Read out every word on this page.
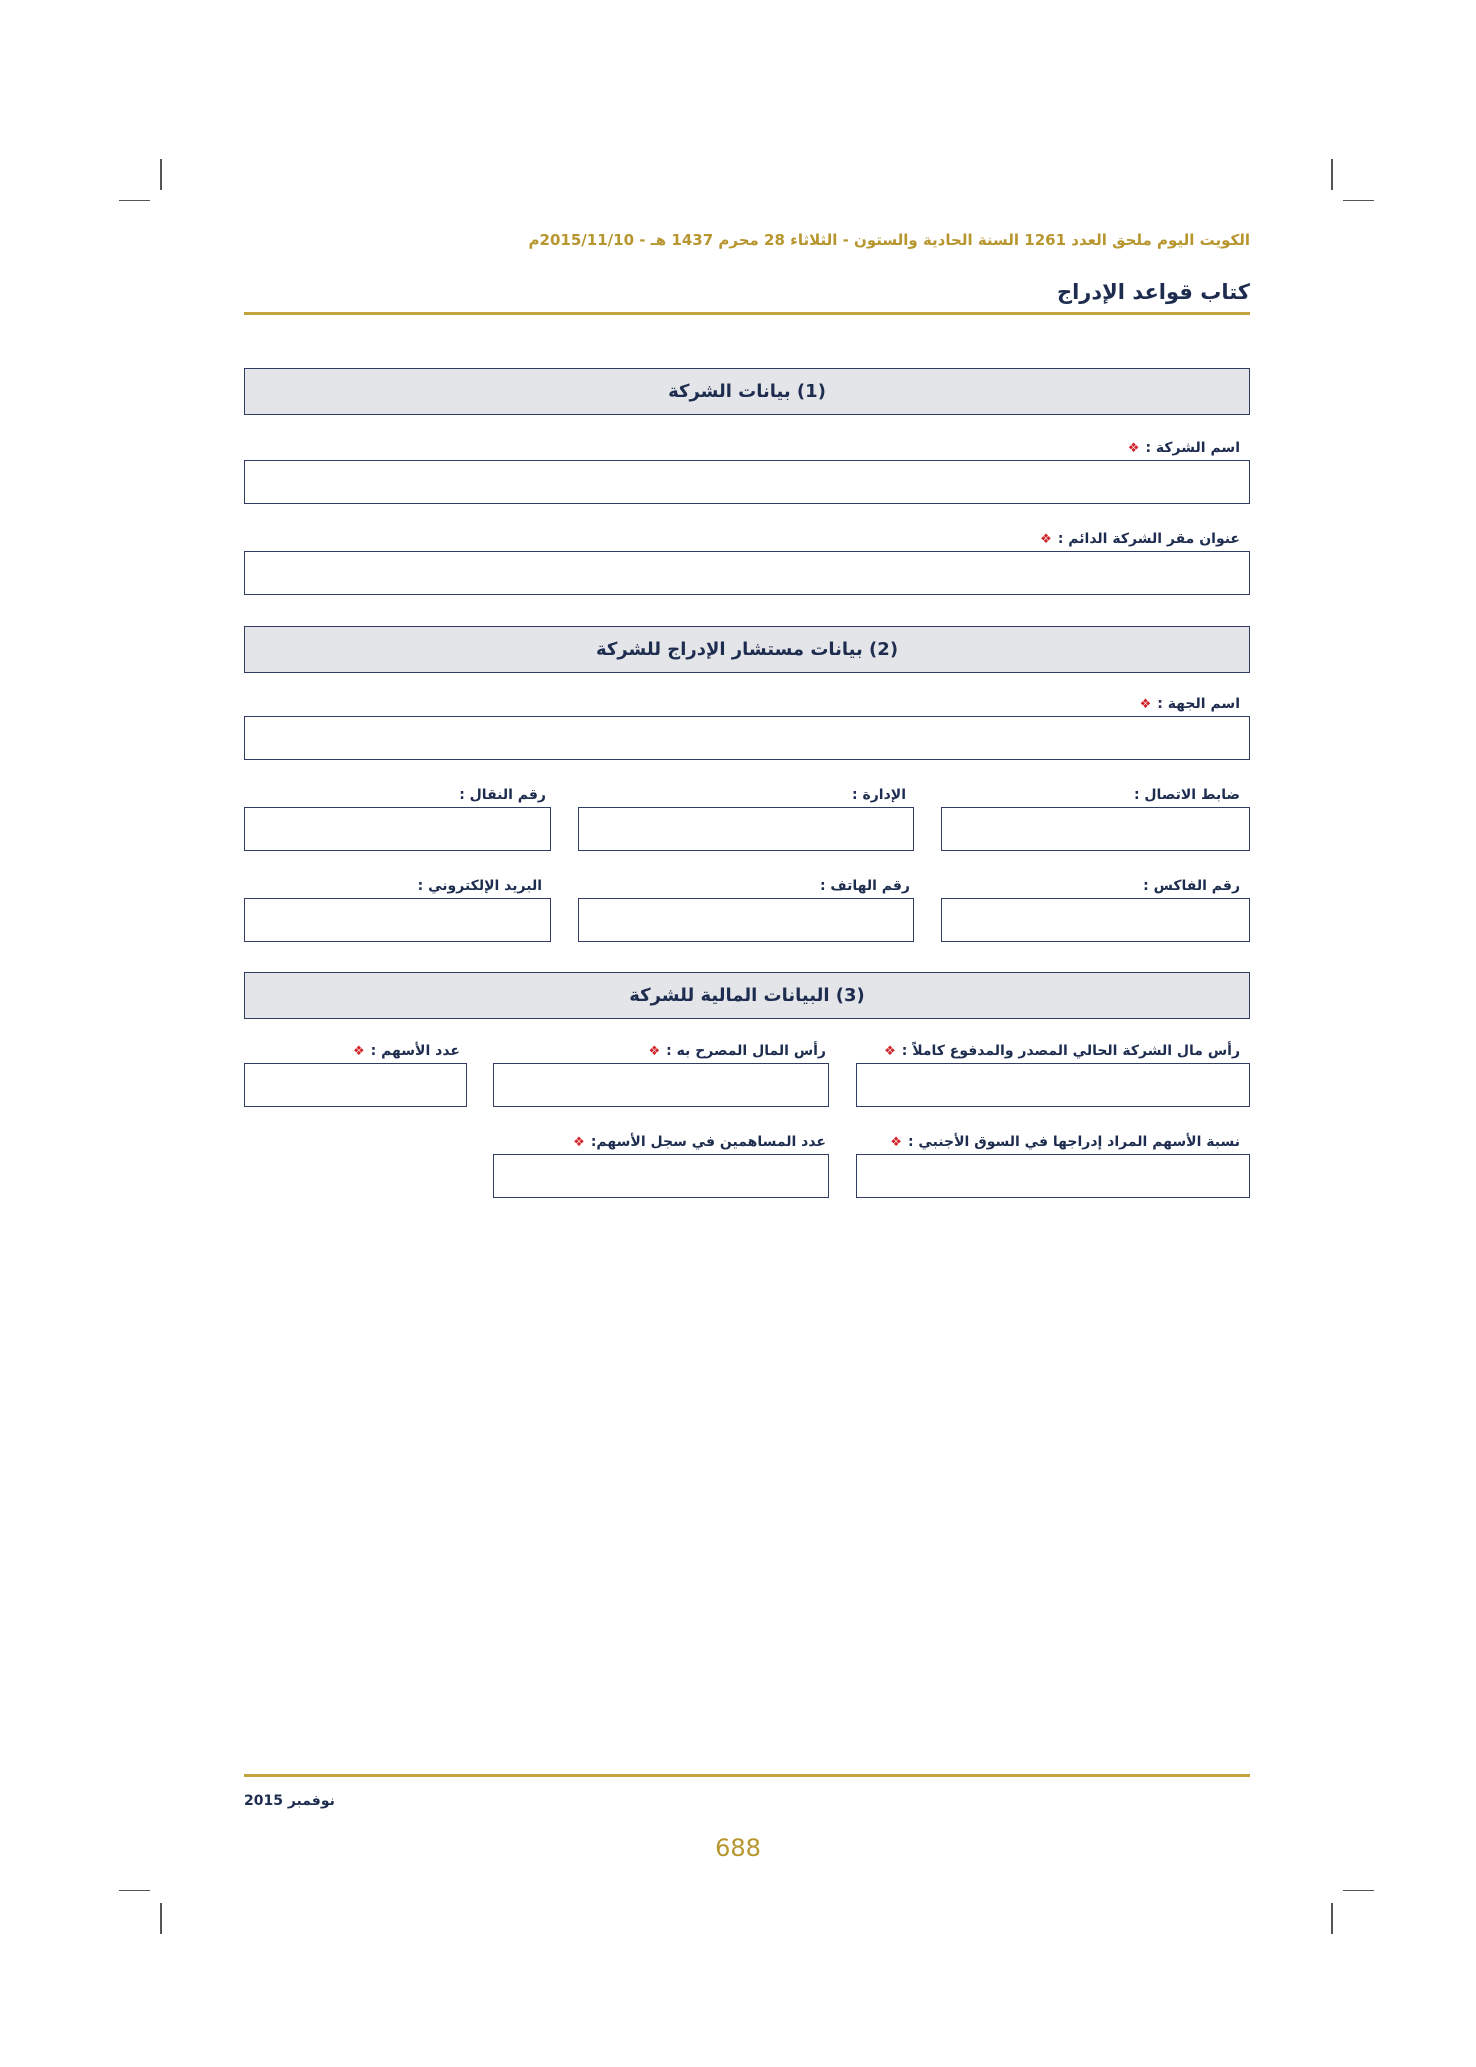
الكويت اليوم ملحق العدد 1261 السنة الحادية والستون - الثلاثاء 28 محرم 1437 هـ - 2015/11/10م
كتاب قواعد الإدراج
(1) بيانات الشركة
اسم الشركة :❖
عنوان مقر الشركة الدائم :❖
(2) بيانات مستشار الإدراج للشركة
اسم الجهة :❖
ضابط الاتصال :
الإدارة :
رقم النقال :
رقم الفاكس :
رقم الهاتف :
البريد الإلكتروني :
(3) البيانات المالية للشركة
رأس مال الشركة الحالي المصدر والمدفوع كاملاً :❖
رأس المال المصرح به :❖
عدد الأسهم :❖
نسبة الأسهم المراد إدراجها في السوق الأجنبي :❖
عدد المساهمين في سجل الأسهم:❖
نوفمبر 2015
688
